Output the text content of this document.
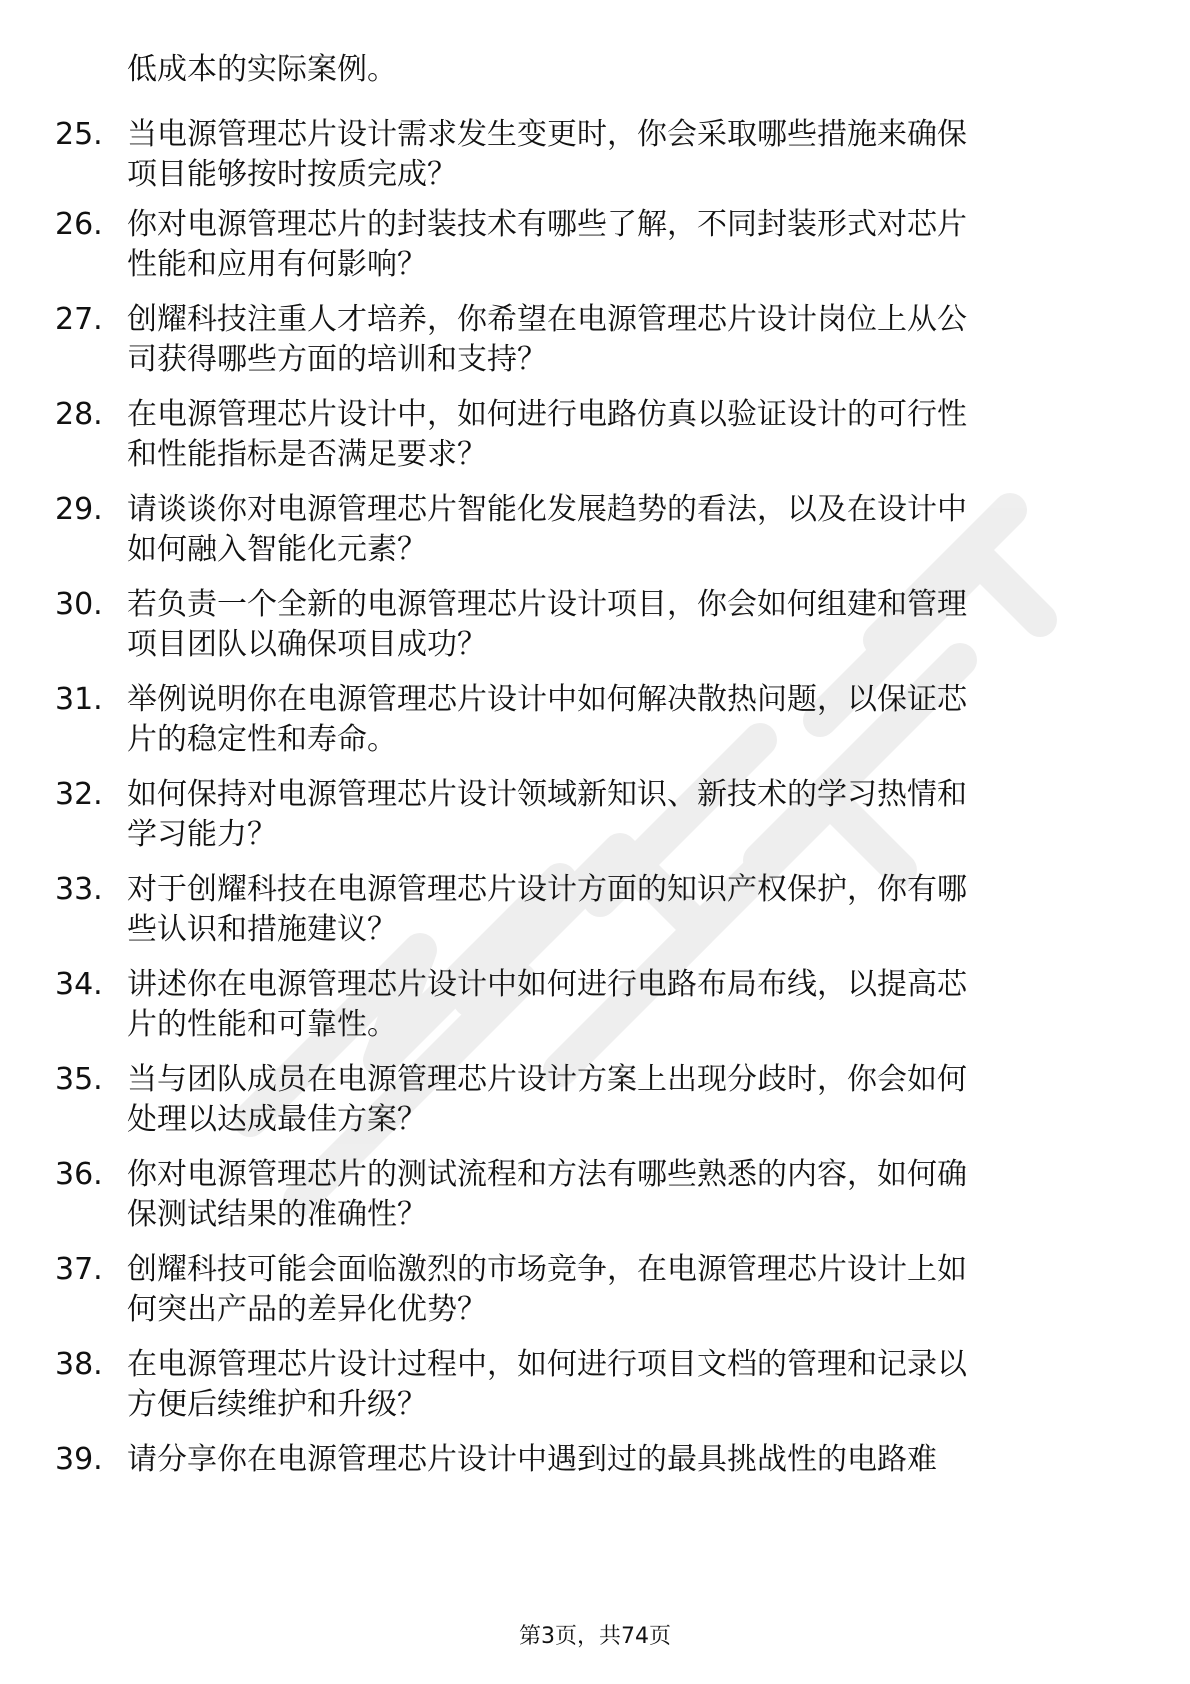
低成本的实际案例。
25. 当电源管理芯片设计需求发生变更时，你会采取哪些措施来确保
项目能够按时按质完成？
26. 你对电源管理芯片的封装技术有哪些了解，不同封装形式对芯片
性能和应用有何影响？
27. 创耀科技注重人才培养，你希望在电源管理芯片设计岗位上从公
司获得哪些方面的培训和支持？
28. 在电源管理芯片设计中，如何进行电路仿真以验证设计的可行性
和性能指标是否满足要求？
29. 请谈谈你对电源管理芯片智能化发展趋势的看法，以及在设计中
如何融入智能化元素？
30. 若负责一个全新的电源管理芯片设计项目，你会如何组建和管理
项目团队以确保项目成功？
31. 举例说明你在电源管理芯片设计中如何解决散热问题，以保证芯
片的稳定性和寿命。
32. 如何保持对电源管理芯片设计领域新知识、新技术的学习热情和
学习能力？
33. 对于创耀科技在电源管理芯片设计方面的知识产权保护，你有哪
些认识和措施建议？
34. 讲述你在电源管理芯片设计中如何进行电路布局布线，以提高芯
片的性能和可靠性。
35. 当与团队成员在电源管理芯片设计方案上出现分歧时，你会如何
处理以达成最佳方案？
36. 你对电源管理芯片的测试流程和方法有哪些熟悉的内容，如何确
保测试结果的准确性？
37. 创耀科技可能会面临激烈的市场竞争，在电源管理芯片设计上如
何突出产品的差异化优势？
38. 在电源管理芯片设计过程中，如何进行项目文档的管理和记录以
方便后续维护和升级？
39. 请分享你在电源管理芯片设计中遇到过的最具挑战性的电路难
第3页，共74页
